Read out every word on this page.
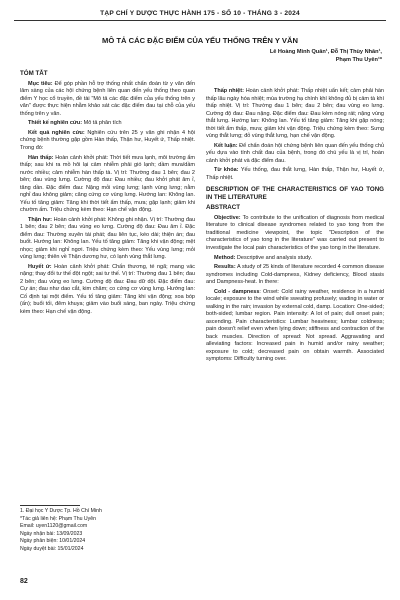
TẠP CHÍ Y DƯỢC THỰC HÀNH 175 - SỐ 10 - THÁNG 3 - 2024
MÔ TẢ CÁC ĐẶC ĐIỂM CỦA YẾU THỐNG TRÊN Y VĂN
Lê Hoàng Minh Quân¹, Đỗ Thị Thùy Nhân¹,
Phạm Thu Uyên¹*
TÓM TẮT

Mục tiêu: Để góp phần hỗ trợ thống nhất chẩn đoán từ y văn đến lâm sàng của các hội chứng bệnh liên quan đến yếu thống theo quan điểm Y học cổ truyền, đề tài "Mô tả các đặc điểm của yếu thống trên y văn" được thực hiện nhằm khảo sát các đặc điểm đau tại chỗ của yếu thống trên y văn.

Thiết kế nghiên cứu: Mô tả phân tích

Kết quả nghiên cứu: Nghiên cứu trên 25 y văn ghi nhận 4 hội chứng bệnh thường gặp gồm Hàn thấp, Thận hư, Huyết ứ, Thấp nhiệt. Trong đó:

Hàn thấp: Hoàn cảnh khởi phát: Thời tiết mưa lạnh, môi trường ẩm thấp; sau khi ra mồ hôi lại cảm nhiễm phải gió lạnh; dầm mưa/dầm nước nhiều; cảm nhiễm hàn thấp tà. Vị trí: Thường đau 1 bên; đau 2 bên; đau vùng lưng. Cường độ đau: Đau nhiều; đau khởi phát âm ỉ, tăng dần. Đặc điểm đau: Nặng mỏi vùng lưng; lạnh vùng lưng; nằm nghỉ đau không giảm; căng cứng cơ vùng lưng. Hướng lan: Không lan. Yếu tố tăng giảm: Tăng khi thời tiết ẩm thấp, mưa; gặp lạnh; giảm khi chườm ấm. Triệu chứng kèm theo: Hạn chế vận động.

Thận hư: Hoàn cảnh khởi phát: Không ghi nhận. Vị trí: Thường đau 1 bên; đau 2 bên; đau vùng eo lưng. Cường độ đau: Đau âm ỉ. Đặc điểm đau: Thường xuyên tái phát; đau liên tục, kéo dài; thiện án; đau buốt. Hướng lan: Không lan. Yếu tố tăng giảm: Tăng khi vận động; mệt nhọc; giảm khi nghỉ ngơi. Triệu chứng kèm theo: Yếu vùng lưng; mỏi vùng lưng; thiên về Thận dương hư, có lạnh vùng thắt lưng.

Huyết ứ: Hoàn cảnh khởi phát: Chấn thương, té ngã; mang vác nặng; thay đổi tư thế đột ngột; sai tư thế. Vị trí: Thường đau 1 bên; đau 2 bên; đau vùng eo lưng. Cường độ đau: Đau dữ dội. Đặc điểm đau: Cự án; đau như dao cắt, kim châm; co cứng cơ vùng lưng. Hướng lan: Cố định tại một điểm. Yếu tố tăng giảm: Tăng khi vận động; xoa bóp (ấn); buổi tối, đêm khuya; giảm vào buổi sáng, ban ngày. Triệu chứng kèm theo: Hạn chế vận động.

Thấp nhiệt: Hoàn cảnh khởi phát: Thấp nhiệt uẩn kết; cảm phải hàn thấp lâu ngày hóa nhiệt; mùa trường hạ chính khí không đủ bị cảm tà khí thấp nhiệt. Vị trí: Thường đau 1 bên; đau 2 bên; đau vùng eo lưng. Cường độ đau: Đau nặng. Đặc điểm đau: Đau kèm nóng rát; nặng vùng thắt lưng. Hướng lan: Không lan. Yếu tố tăng giảm: Tăng khi gặp nóng; thời tiết ẩm thấp, mưa; giảm khi vận động. Triệu chứng kèm theo: Sưng vùng thắt lưng; đỏ vùng thắt lưng, hạn chế vận động.

Kết luận: Để chẩn đoán hội chứng bệnh liên quan đến yếu thống chủ yếu dựa vào tính chất đau của bệnh, trong đó chú yếu là vị trí, hoàn cảnh khởi phát và đặc điểm đau.

Từ khóa: Yếu thống, đau thắt lưng, Hàn thấp, Thận hư, Huyết ứ, Thấp nhiệt.

DESCRIPTION OF THE CHARACTERISTICS OF YAO TONG IN THE LITERATURE
ABSTRACT

Objective: To contribute to the unification of diagnosis from medical literature to clinical disease syndromes related to yao tong from the traditional medicine viewpoint, the topic "Description of the characteristics of yao tong in the literature" was carried out present to investigate the local pain characteristics of the yao tong in the literature.

Method: Descriptive and analysis study.

Results: A study of 25 kinds of literature recorded 4 common disease syndromes including Cold-dampness, Kidney deficiency, Blood stasis and Dampness-heat. In there:

Cold - dampness: Onset: Cold rainy weather, residence in a humid locale; exposure to the wind while sweating profusely; wading in water or walking in the rain; invasion by external cold, damp. Location: One-sided; both-sided; lumbar region. Pain intensity: A lot of pain; dull onset pain; ascending. Pain characteristics: Lumbar heaviness; lumbar coldness; pain doesn't relief even when lying down; stiffness and contraction of the back muscles. Direction of spread: Not spread. Aggravating and alleviating factors: Increased pain in humid and/or rainy weather; exposure to cold; decreased pain on obtain warmth. Associated symptoms: Difficulty turning over.

1. Đại học Y Dược Tp. Hồ Chí Minh
*Tác giả liên hệ: Phạm Thu Uyên
Email: uyen1120@gmail.com
Ngày nhận bài: 13/09/2023
Ngày phản biện: 10/01/2024
Ngày duyệt bài: 15/01/2024
82
